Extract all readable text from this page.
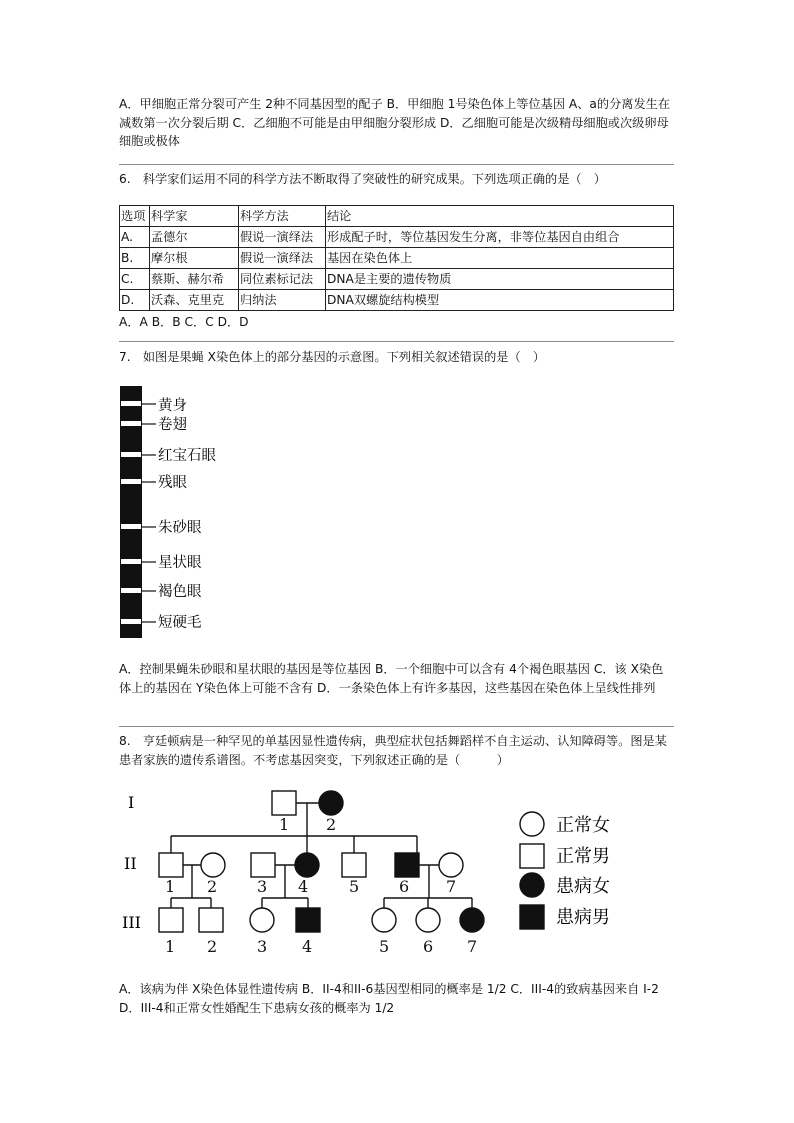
A．甲细胞正常分裂可产生 2种不同基因型的配子 B．甲细胞 1号染色体上等位基因 A、a的分离发生在减数第一次分裂后期 C．乙细胞不可能是由甲细胞分裂形成 D．乙细胞可能是次级精母细胞或次级卵母细胞或极体
6.　科学家们运用不同的科学方法不断取得了突破性的研究成果。下列选项正确的是（　）
选项	科学家	科学方法	结论
A.	孟德尔	假说一演绎法	形成配子时，等位基因发生分离，非等位基因自由组合
B.	摩尔根	假说一演绎法	基因在染色体上
C.	蔡斯、赫尔希	同位素标记法	DNA是主要的遗传物质
D.	沃森、克里克	归纳法	DNA双螺旋结构模型
A．A B．B C．C D．D
7.　如图是果蝇 X染色体上的部分基因的示意图。下列相关叙述错误的是（　）
黄身
卷翅
红宝石眼
残眼
朱砂眼
星状眼
褐色眼
短硬毛
A．控制果蝇朱砂眼和星状眼的基因是等位基因 B．一个细胞中可以含有 4个褐色眼基因 C．该 X染色体上的基因在 Y染色体上可能不含有 D．一条染色体上有许多基因，这些基因在染色体上呈线性排列
8.　亨廷顿病是一种罕见的单基因显性遗传病，典型症状包括舞蹈样不自主运动、认知障碍等。图是某患者家族的遗传系谱图。不考虑基因突变，下列叙述正确的是（　　　）
I
II
III
1 2
1 2 3 4	5 6 7
1 2 3 4	5 6 7
正常女
正常男
患病女
患病男
A．该病为伴 X染色体显性遗传病 B．II-4和II-6基因型相同的概率是 1/2 C．III-4的致病基因来自 I-2 D．III-4和正常女性婚配生下患病女孩的概率为 1/2
